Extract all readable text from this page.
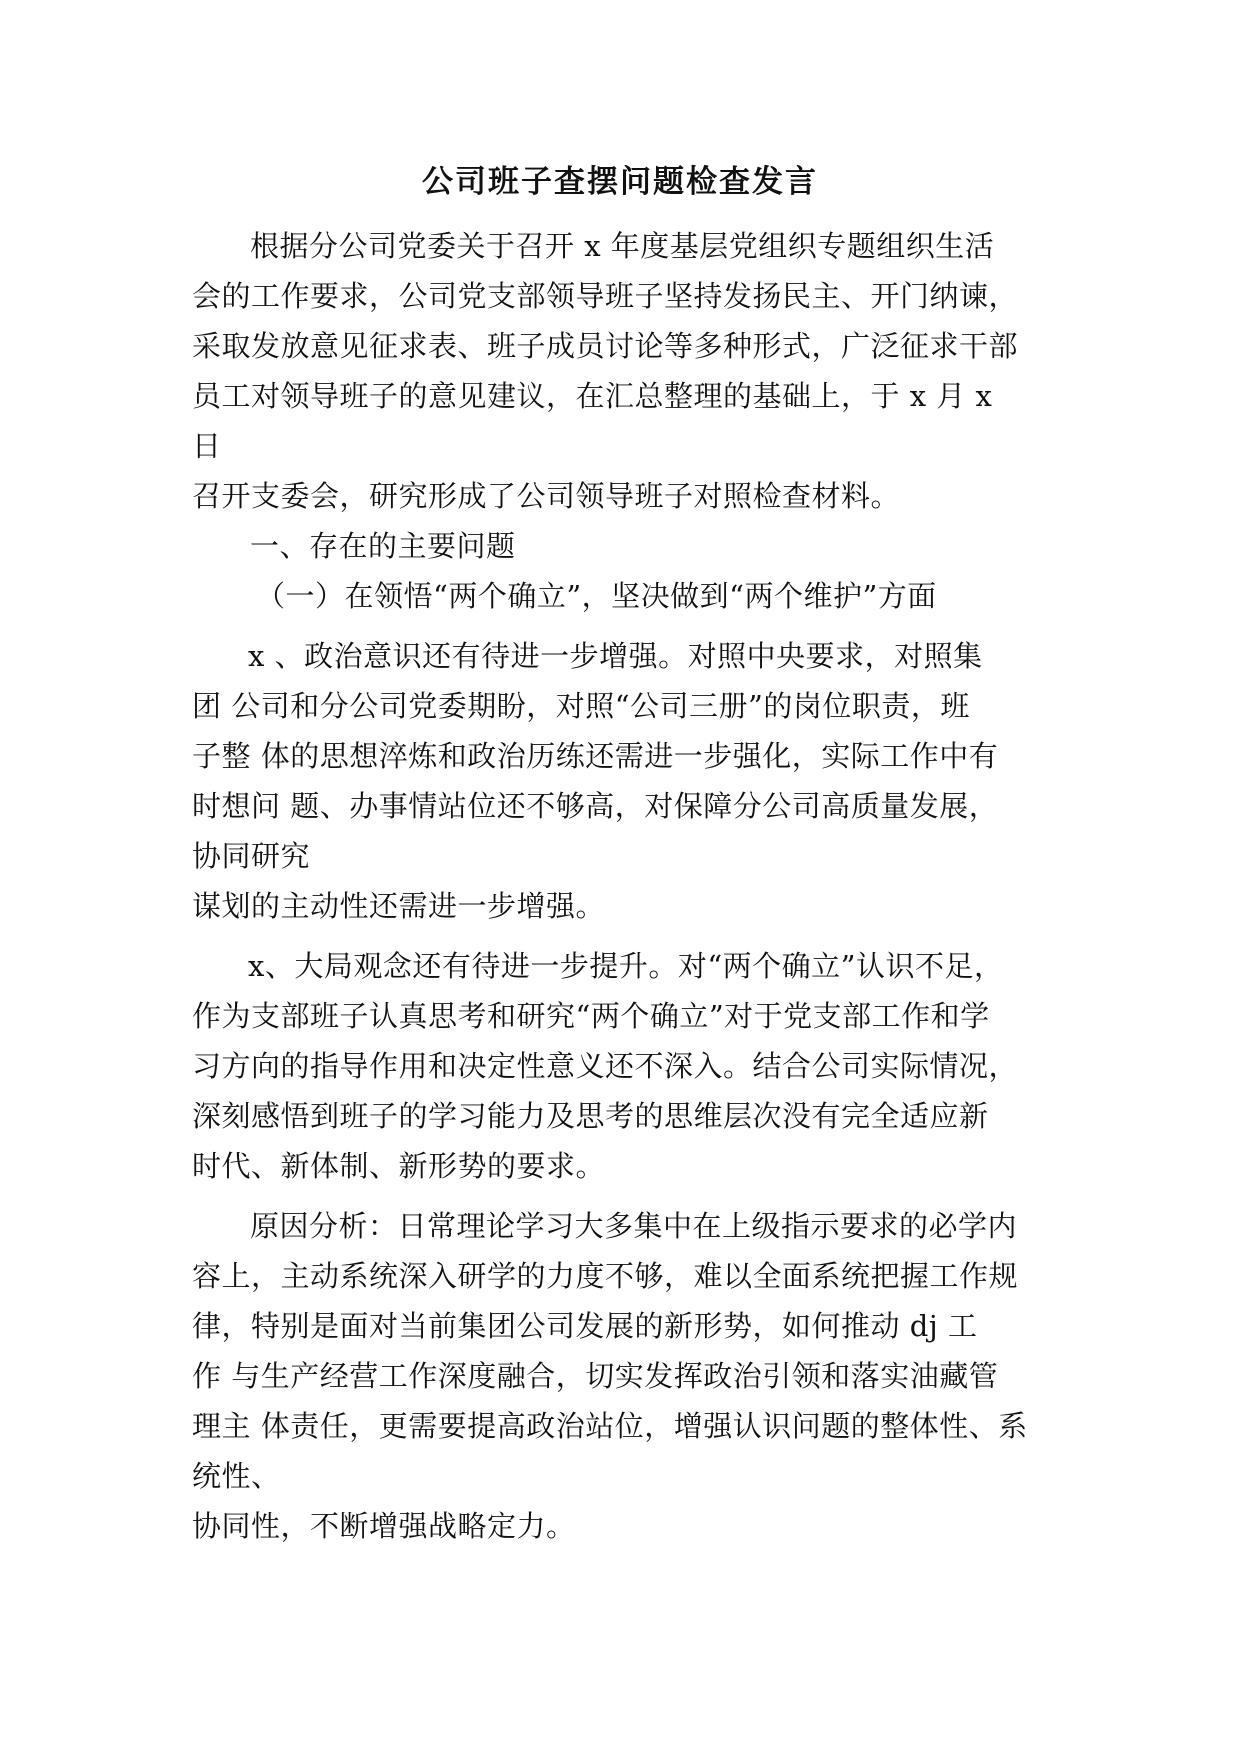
公司班子查摆问题检查发言

根据分公司党委关于召开 x 年度基层党组织专题组织生活

会的工作要求，公司党支部领导班子坚持发扬民主、开门纳谏，

采取发放意见征求表、班子成员讨论等多种形式，广泛征求干部

员工对领导班子的意见建议，在汇总整理的基础上，于 x 月 x

日

召开支委会，研究形成了公司领导班子对照检查材料。

一、存在的主要问题

（一）在领悟“两个确立”，坚决做到“两个维护”方面

x 、政治意识还有待进一步增强。对照中央要求，对照集

团 公司和分公司党委期盼，对照“公司三册”的岗位职责，班

子整 体的思想淬炼和政治历练还需进一步强化，实际工作中有

时想问 题、办事情站位还不够高，对保障分公司高质量发展，

协同研究

谋划的主动性还需进一步增强。

x、大局观念还有待进一步提升。对“两个确立”认识不足，

作为支部班子认真思考和研究“两个确立”对于党支部工作和学

习方向的指导作用和决定性意义还不深入。结合公司实际情况，

深刻感悟到班子的学习能力及思考的思维层次没有完全适应新

时代、新体制、新形势的要求。

原因分析：日常理论学习大多集中在上级指示要求的必学内

容上，主动系统深入研学的力度不够，难以全面系统把握工作规

律，特别是面对当前集团公司发展的新形势，如何推动 dj 工

作 与生产经营工作深度融合，切实发挥政治引领和落实油藏管

理主 体责任，更需要提高政治站位，增强认识问题的整体性、系

统性、

协同性，不断增强战略定力。
